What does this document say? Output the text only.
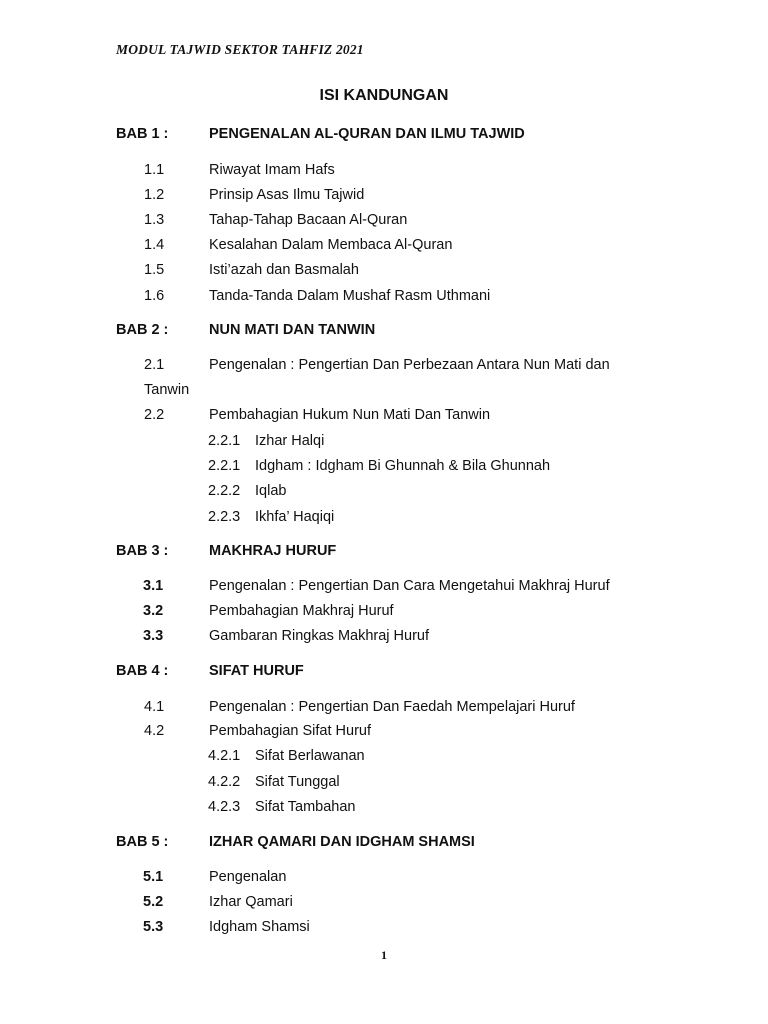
MODUL TAJWID SEKTOR TAHFIZ 2021
ISI KANDUNGAN
BAB 1 :	PENGENALAN AL-QURAN DAN ILMU TAJWID
1.1	Riwayat Imam Hafs
1.2	Prinsip Asas Ilmu Tajwid
1.3	Tahap-Tahap Bacaan Al-Quran
1.4	Kesalahan Dalam Membaca Al-Quran
1.5	Isti’azah dan Basmalah
1.6	Tanda-Tanda Dalam Mushaf Rasm Uthmani
BAB 2 :	NUN MATI DAN TANWIN
2.1	Pengenalan : Pengertian Dan Perbezaan Antara Nun Mati dan
Tanwin
2.2	Pembahagian Hukum Nun Mati Dan Tanwin
2.2.1 Izhar Halqi
2.2.1 Idgham : Idgham Bi Ghunnah & Bila Ghunnah
2.2.2 Iqlab
2.2.3 Ikhfa’ Haqiqi
BAB 3 :	MAKHRAJ HURUF
3.1	Pengenalan : Pengertian Dan Cara Mengetahui Makhraj Huruf
3.2	Pembahagian Makhraj Huruf
3.3	Gambaran Ringkas Makhraj Huruf
BAB 4 :	SIFAT HURUF
4.1	Pengenalan : Pengertian Dan Faedah Mempelajari Huruf
4.2	Pembahagian Sifat Huruf
4.2.1 Sifat Berlawanan
4.2.2 Sifat Tunggal
4.2.3 Sifat Tambahan
BAB 5 :	IZHAR QAMARI DAN IDGHAM SHAMSI
5.1	Pengenalan
5.2	Izhar Qamari
5.3	Idgham Shamsi
1
